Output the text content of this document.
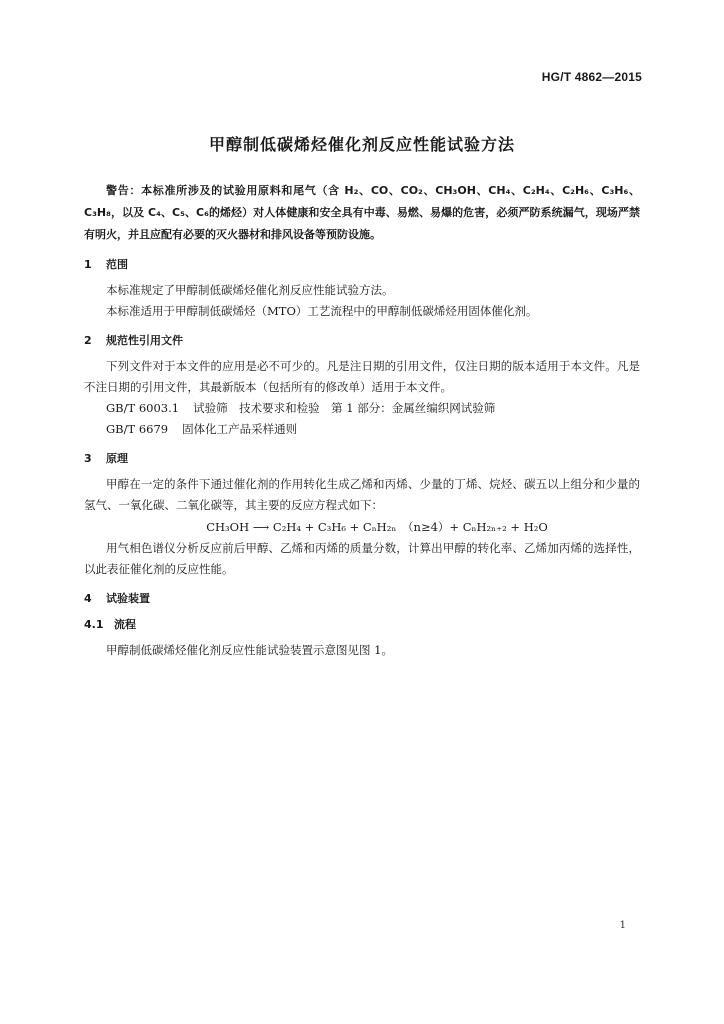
HG/T 4862—2015
甲醇制低碳烯烃催化剂反应性能试验方法

警告：本标准所涉及的试验用原料和尾气（含 H₂、CO、CO₂、CH₃OH、CH₄、C₂H₄、C₂H₆、C₃H₆、C₃H₈，以及 C₄、C₅、C₆的烯烃）对人体健康和安全具有中毒、易燃、易爆的危害，必须严防系统漏气，现场严禁有明火，并且应配有必要的灭火器材和排风设备等预防设施。

1 范围

本标准规定了甲醇制低碳烯烃催化剂反应性能试验方法。

本标准适用于甲醇制低碳烯烃（MTO）工艺流程中的甲醇制低碳烯烃用固体催化剂。

2 规范性引用文件

下列文件对于本文件的应用是必不可少的。凡是注日期的引用文件，仅注日期的版本适用于本文件。凡是不注日期的引用文件，其最新版本（包括所有的修改单）适用于本文件。

GB/T 6003.1 试验筛　技术要求和检验　第 1 部分：金属丝编织网试验筛

GB/T 6679 固体化工产品采样通则

3 原理

甲醇在一定的条件下通过催化剂的作用转化生成乙烯和丙烯、少量的丁烯、烷烃、碳五以上组分和少量的氢气、一氧化碳、二氧化碳等，其主要的反应方程式如下：

CH₃OH ⟶ C₂H₄ + C₃H₆ + CₙH₂ₙ　（n≥4）+ CₙH₂ₙ₊₂ + H₂O

用气相色谱仪分析反应前后甲醇、乙烯和丙烯的质量分数，计算出甲醇的转化率、乙烯加丙烯的选择性，以此表征催化剂的反应性能。

4 试验装置
4.1 流程

甲醇制低碳烯烃催化剂反应性能试验装置示意图见图 1。

1
